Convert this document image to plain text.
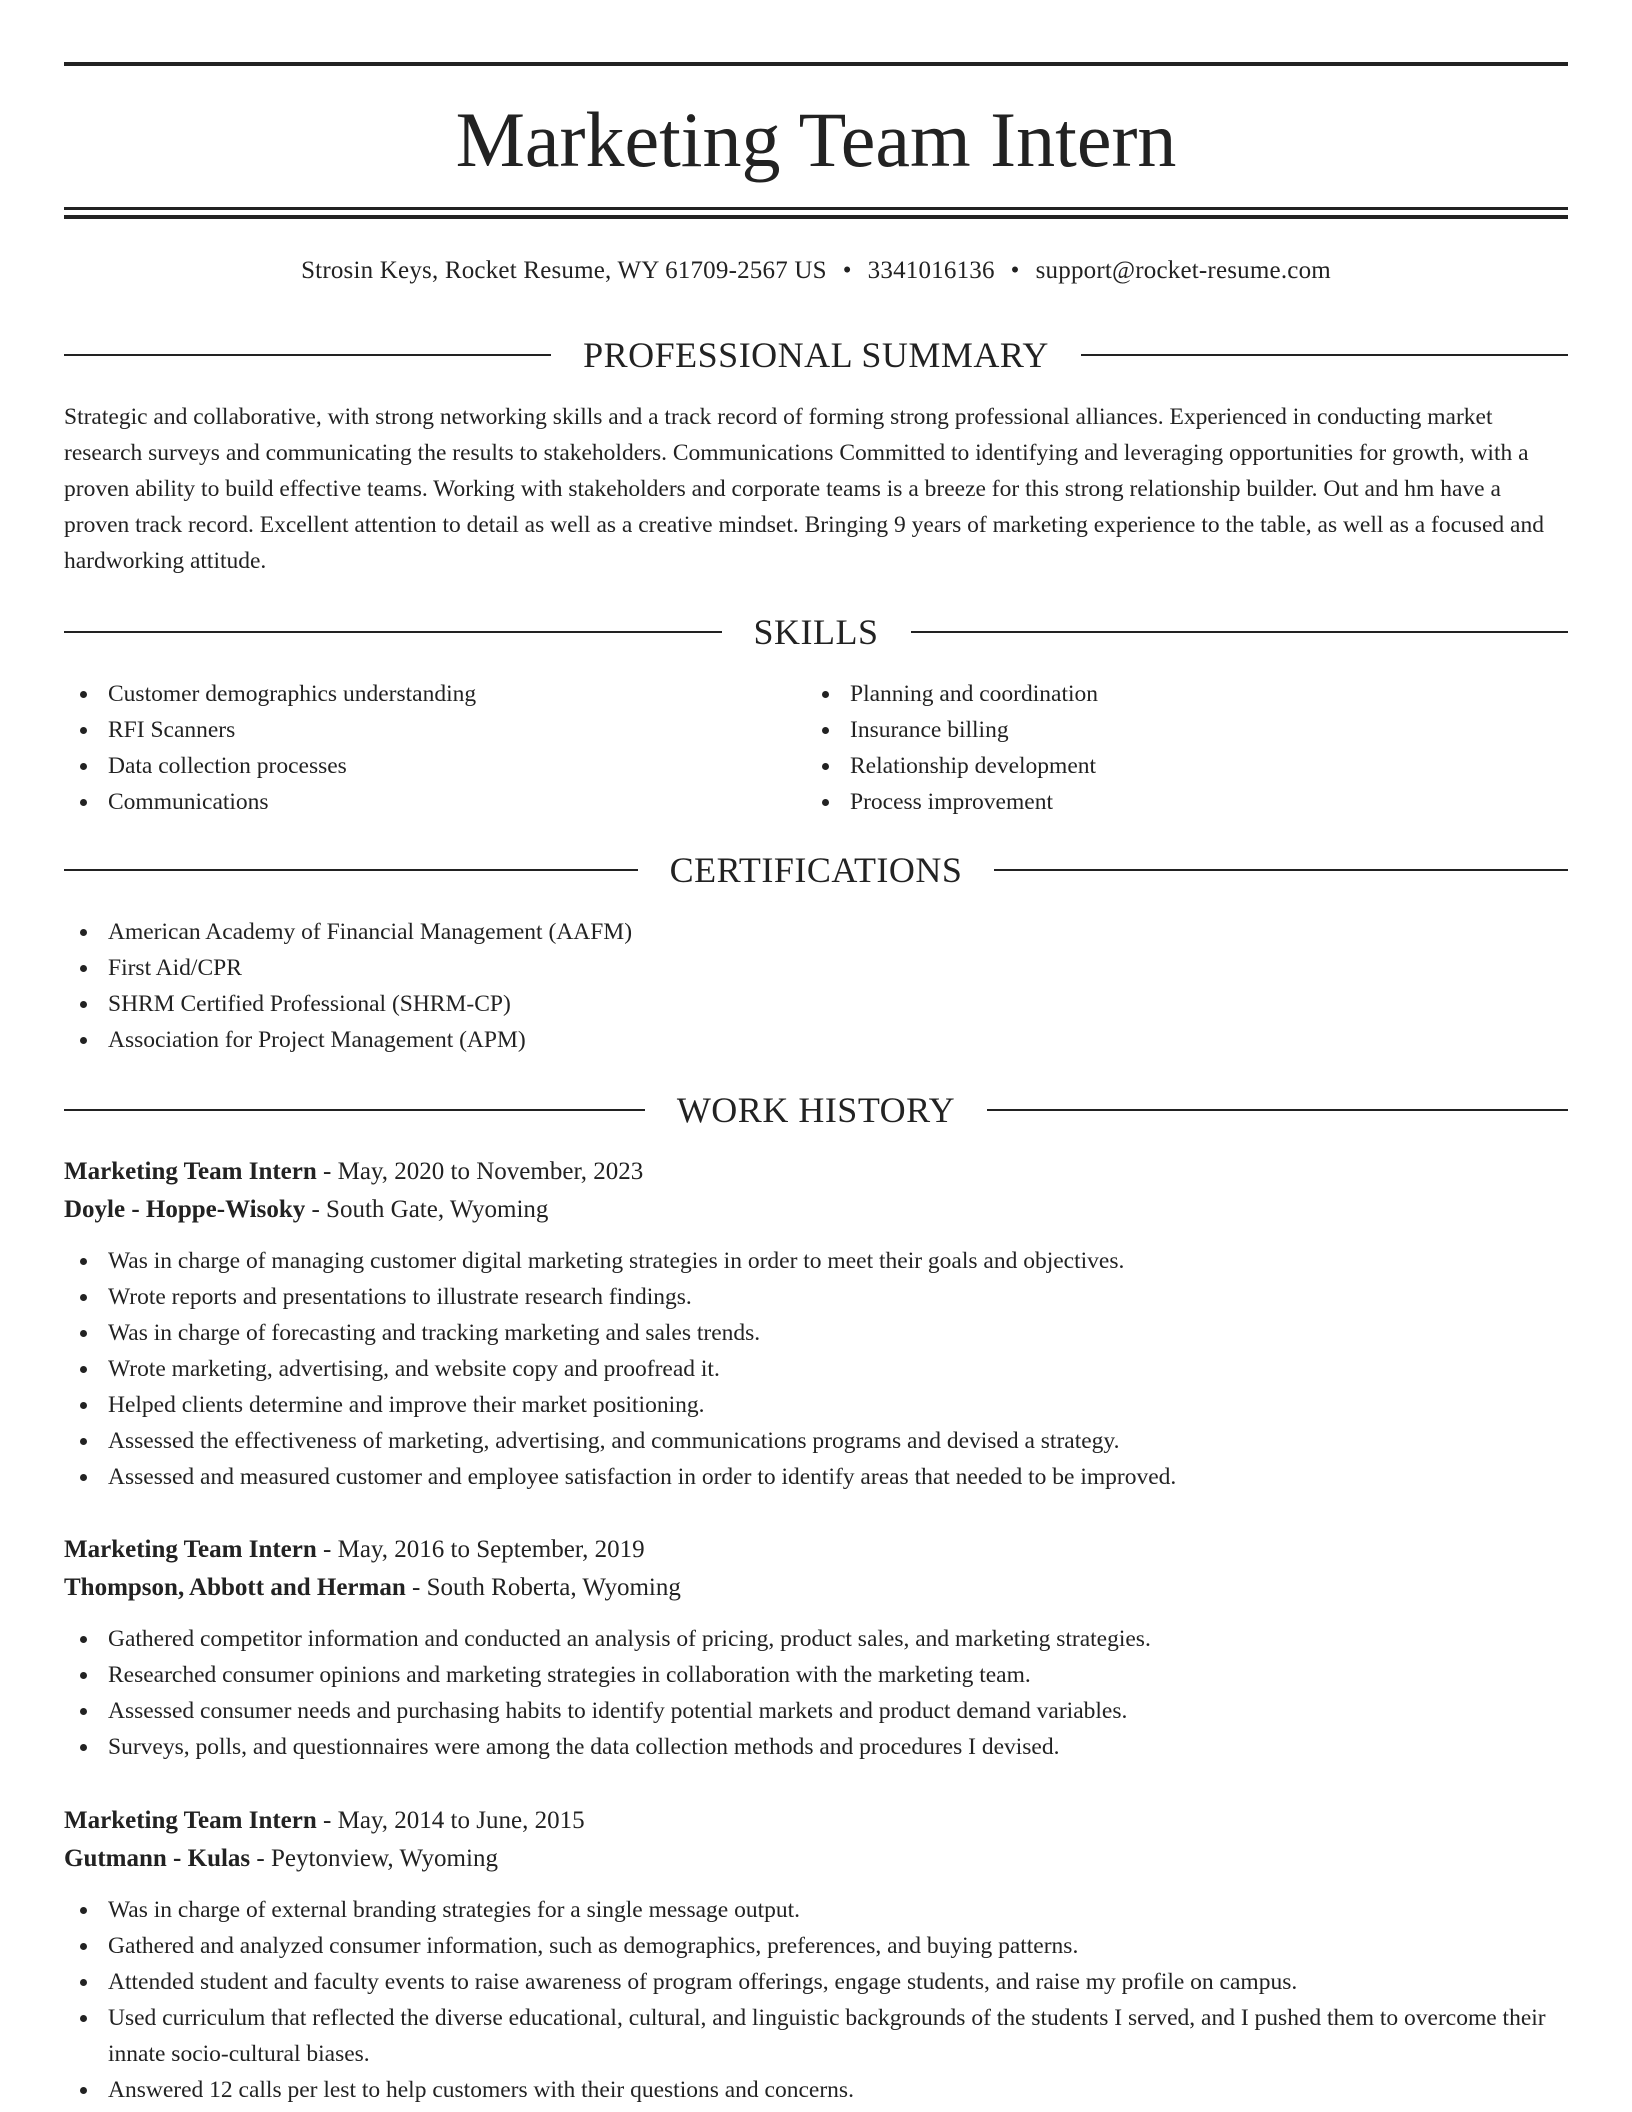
Marketing Team Intern
Strosin Keys, Rocket Resume, WY 61709-2567 US • 3341016136 • support@rocket-resume.com
PROFESSIONAL SUMMARY

Strategic and collaborative, with strong networking skills and a track record of forming strong professional alliances. Experienced in conducting market research surveys and communicating the results to stakeholders. Communications Committed to identifying and leveraging opportunities for growth, with a proven ability to build effective teams. Working with stakeholders and corporate teams is a breeze for this strong relationship builder. Out and hm have a proven track record. Excellent attention to detail as well as a creative mindset. Bringing 9 years of marketing experience to the table, as well as a focused and hardworking attitude.

SKILLS
Customer demographics understanding
RFI Scanners
Data collection processes
Communications
Planning and coordination
Insurance billing
Relationship development
Process improvement
CERTIFICATIONS
American Academy of Financial Management (AAFM)
First Aid/CPR
SHRM Certified Professional (SHRM-CP)
Association for Project Management (APM)
WORK HISTORY
Marketing Team Intern - May, 2020 to November, 2023
Doyle - Hoppe-Wisoky - South Gate, Wyoming
Was in charge of managing customer digital marketing strategies in order to meet their goals and objectives.
Wrote reports and presentations to illustrate research findings.
Was in charge of forecasting and tracking marketing and sales trends.
Wrote marketing, advertising, and website copy and proofread it.
Helped clients determine and improve their market positioning.
Assessed the effectiveness of marketing, advertising, and communications programs and devised a strategy.
Assessed and measured customer and employee satisfaction in order to identify areas that needed to be improved.
Marketing Team Intern - May, 2016 to September, 2019
Thompson, Abbott and Herman - South Roberta, Wyoming
Gathered competitor information and conducted an analysis of pricing, product sales, and marketing strategies.
Researched consumer opinions and marketing strategies in collaboration with the marketing team.
Assessed consumer needs and purchasing habits to identify potential markets and product demand variables.
Surveys, polls, and questionnaires were among the data collection methods and procedures I devised.
Marketing Team Intern - May, 2014 to June, 2015
Gutmann - Kulas - Peytonview, Wyoming
Was in charge of external branding strategies for a single message output.
Gathered and analyzed consumer information, such as demographics, preferences, and buying patterns.
Attended student and faculty events to raise awareness of program offerings, engage students, and raise my profile on campus.
Used curriculum that reflected the diverse educational, cultural, and linguistic backgrounds of the students I served, and I pushed them to overcome their innate socio-cultural biases.
Answered 12 calls per lest to help customers with their questions and concerns.
